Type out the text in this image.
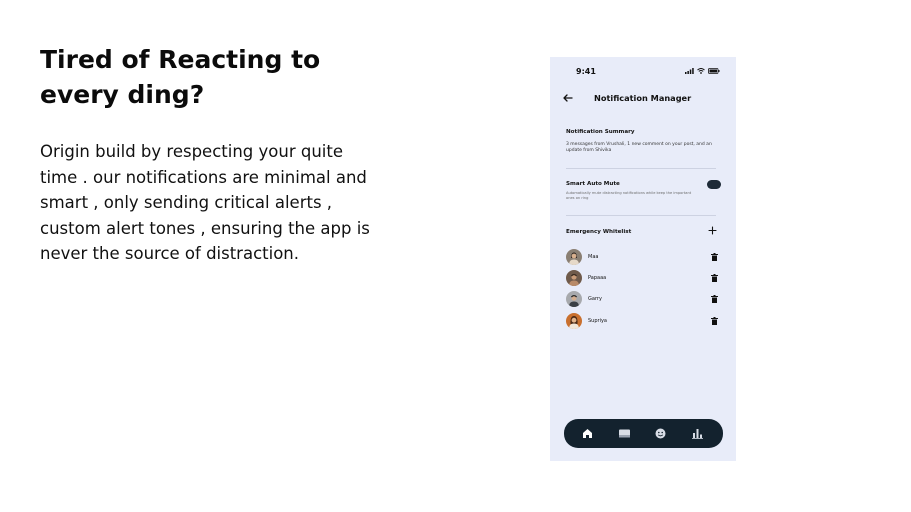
Tired of Reacting to every ding?
Origin build by respecting your quite time . our notifications are minimal and smart , only sending critical alerts , custom alert tones , ensuring the app is never the source of distraction.
9:41
Notification Manager
Notification Summary
3 messages from Vrushali, 1 new comment on your post, and an update from Shivika
Smart Auto Mute
Automatically mute distracting notifications while keep the important ones on ring
Emergency Whitelist
Maa
Papaaa
Garry
Supriya
